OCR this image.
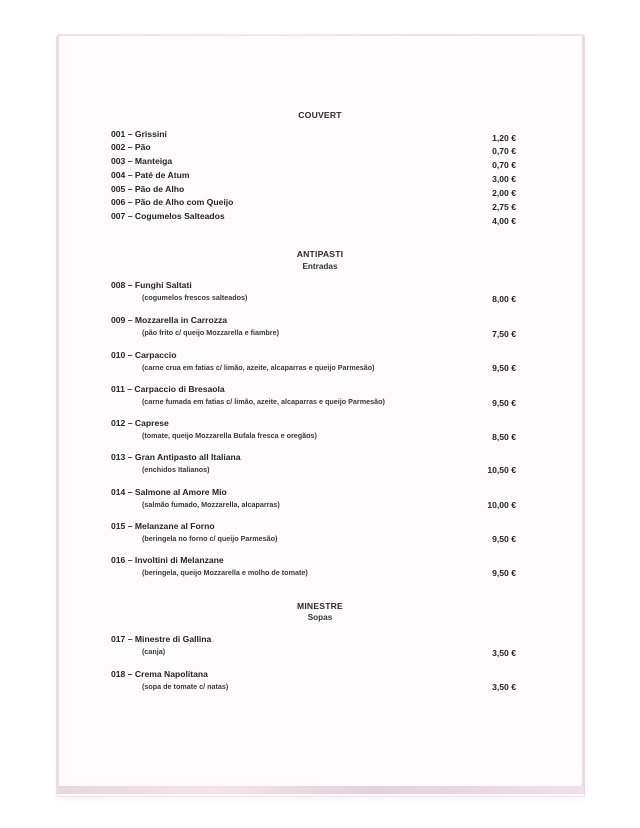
COUVERT
001 – Grissini	1,20 €
002 – Pão	0,70 €
003 – Manteiga	0,70 €
004 – Paté de Atum	3,00 €
005 – Pão de Alho	2,00 €
006 – Pão de Alho com Queijo	2,75 €
007 – Cogumelos Salteados	4,00 €
ANTIPASTI
Entradas
008 – Funghi Saltati
(cogumelos frescos salteados)	8,00 €
009 – Mozzarella in Carrozza
(pão frito c/ queijo Mozzarella e fiambre)	7,50 €
010 – Carpaccio
(carne crua em fatias c/ limão, azeite, alcaparras e queijo Parmesão)	9,50 €
011 – Carpaccio di Bresaola
(carne fumada em fatias c/ limão, azeite, alcaparras e queijo Parmesão)	9,50 €
012 – Caprese
(tomate, queijo Mozzarella Bufala fresca e oregãos)	8,50 €
013 – Gran Antipasto all Italiana
(enchidos Italianos)	10,50 €
014 – Salmone al Amore Mio
(salmão fumado, Mozzarella, alcaparras)	10,00 €
015 – Melanzane al Forno
(beringela no forno c/ queijo Parmesão)	9,50 €
016 – Involtini di Melanzane
(beringela, queijo Mozzarella e molho de tomate)	9,50 €
MINESTRE
Sopas
017 – Minestre di Gallina
(canja)	3,50 €
018 – Crema Napolitana
(sopa de tomate c/ natas)	3,50 €
